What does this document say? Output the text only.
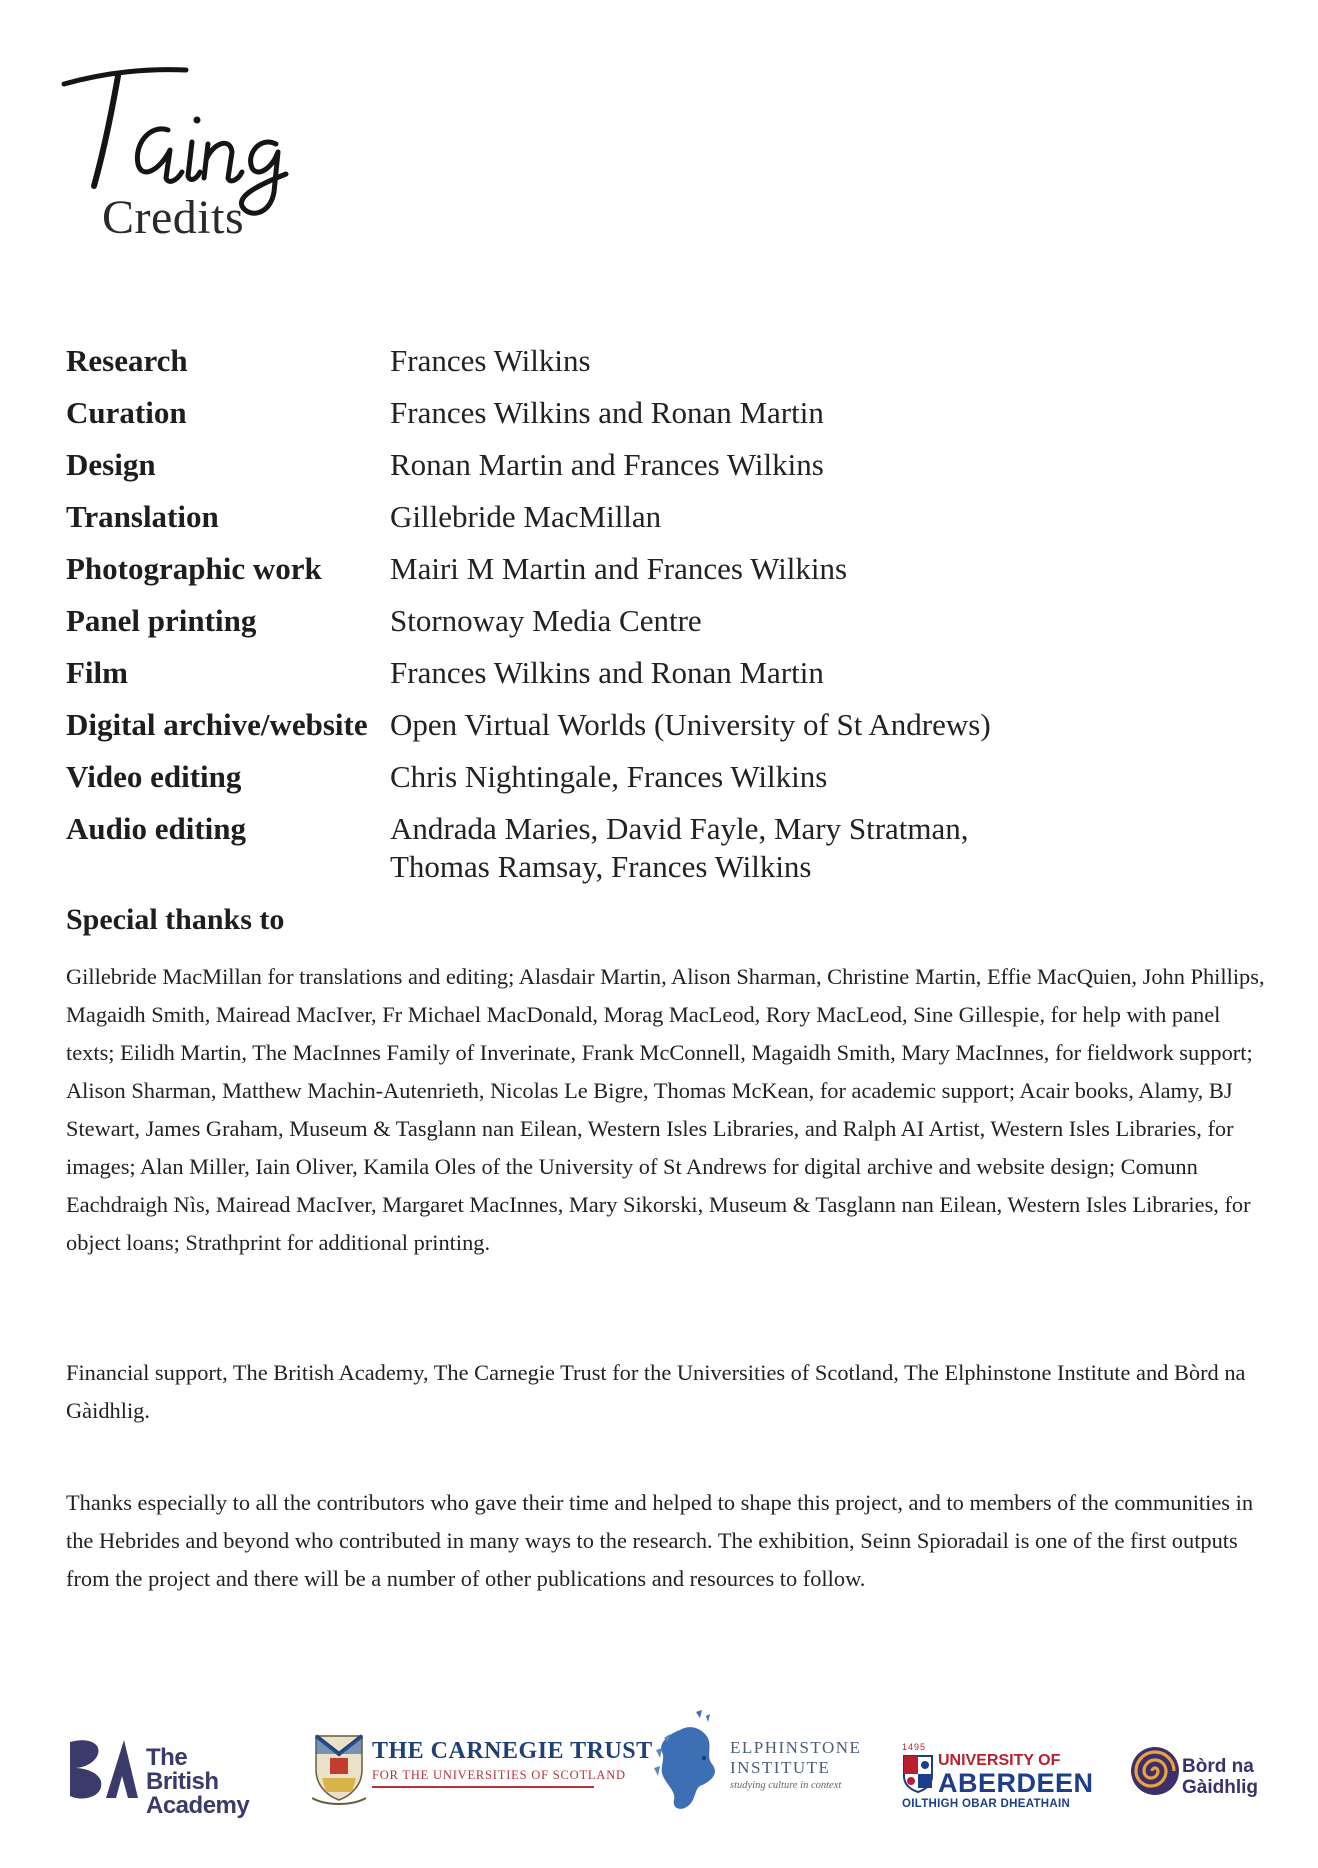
Credits
Research	Frances Wilkins
Curation	Frances Wilkins and Ronan Martin
Design	Ronan Martin and Frances Wilkins
Translation	Gillebride MacMillan
Photographic work	Mairi M Martin and Frances Wilkins
Panel printing	Stornoway Media Centre
Film	Frances Wilkins and Ronan Martin
Digital archive/website	Open Virtual Worlds (University of St Andrews)
Video editing	Chris Nightingale, Frances Wilkins
Audio editing	Andrada Maries, David Fayle, Mary Stratman, Thomas Ramsay, Frances Wilkins
Special thanks to
Gillebride MacMillan for translations and editing; Alasdair Martin, Alison Sharman, Christine Martin, Effie MacQuien, John Phillips, Magaidh Smith, Mairead MacIver, Fr Michael MacDonald, Morag MacLeod, Rory MacLeod, Sine Gillespie, for help with panel texts; Eilidh Martin, The MacInnes Family of Inverinate, Frank McConnell, Magaidh Smith, Mary MacInnes, for fieldwork support; Alison Sharman, Matthew Machin-Autenrieth, Nicolas Le Bigre, Thomas McKean, for academic support; Acair books, Alamy, BJ Stewart, James Graham, Museum & Tasglann nan Eilean, Western Isles Libraries, and Ralph AI Artist, Western Isles Libraries, for images; Alan Miller, Iain Oliver, Kamila Oles of the University of St Andrews for digital archive and website design; Comunn Eachdraigh Nìs, Mairead MacIver, Margaret MacInnes, Mary Sikorski, Museum & Tasglann nan Eilean, Western Isles Libraries, for object loans; Strathprint for additional printing.
Financial support, The British Academy, The Carnegie Trust for the Universities of Scotland, The Elphinstone Institute and Bòrd na Gàidhlig.
Thanks especially to all the contributors who gave their time and helped to shape this project, and to members of the communities in the Hebrides and beyond who contributed in many ways to the research. The exhibition, Seinn Spioradail is one of the first outputs from the project and there will be a number of other publications and resources to follow.
The
British
Academy
THE CARNEGIE TRUST
FOR THE UNIVERSITIES OF SCOTLAND
ELPHINSTONE
INSTITUTE
studying culture in context
1495
UNIVERSITY OF
ABERDEEN
OILTHIGH OBAR DHEATHAIN
Bòrd na
Gàidhlig
